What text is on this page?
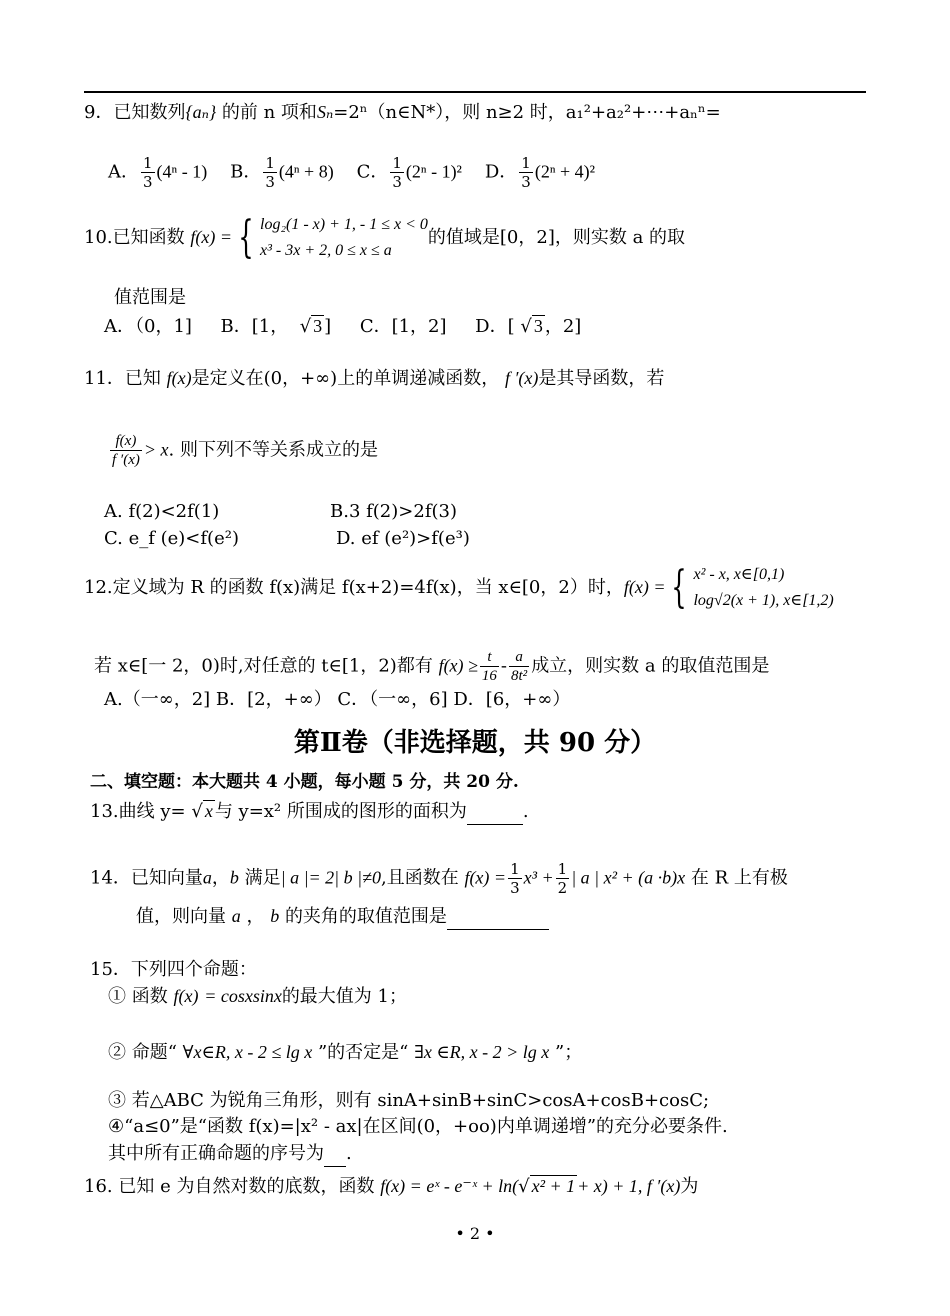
9．已知数列{aₙ} 的前 n 项和Sₙ=2ⁿ（n∈N*），则 n≥2 时，a₁²+a₂²+⋯+aₙⁿ=
A． $\frac{1}{3} (4^n - 1)$ B． $\frac{1}{3} (4^n + 8)$ C． $\frac{1}{3} (2^n - 1)^2$ D． $\frac{1}{3} (2^n + 4)^2$
10.已知函数 f(x) = { log₂(1 - x) + 1, - 1 ≤ x < 0
x³ - 3x + 2, 0 ≤ x ≤ a
的值域是[0，2]，则实数 a 的取
值范围是
A．（0，1] B．[1，  √ 3 ] C．[1，2] D．[ √ 3 ，2]
11．已知 f(x)是定义在(0，+∞)上的单调递减函数， f ′(x)是其导函数，若
$\frac{f(x)}{f '(x)} > x$. 则下列不等关系成立的是
A. f(2)<2f(1)	B.3 f(2)>2f(3)
C. e_f (e)<f(e²)	D. ef (e²)>f(e³)
12.定义域为 R 的函数 f(x)满足 f(x+2)=4f(x)，当 x∈[0，2）时，f(x) = { x² - x, x∈[0,1)
log√2(x + 1), x∈[1,2)
若 x∈[一 2，0)时,对任意的 t∈[1，2)都有 $f(x) \ge \frac{t}{16} - \frac{a}{\text{8t²}}$ 成立，则实数 a 的取值范围是
A.（一∞，2] B．[2，+∞） C．（一∞，6] D．[6，+∞）
第Ⅱ卷（非选择题，共 90 分）
二、填空题：本大题共 4 小题，每小题 5 分，共 20 分.
13.曲线 y= √ x 与 y=x² 所围成的图形的面积为	.
14．已知向量a，b 满足| a |= 2| b |≠0,且函数在 $f(x) = \frac{1}{3} x^3 + \frac{1}{2}$ | a | x² + (a ·b)x 在 R 上有极
值，则向量 a ， b 的夹角的取值范围是
15．下列四个命题：
① 函数 f(x) = cosxsinx的最大值为 1；
② 命题“ ∀x∈R, x - 2 ≤ lg x ”的否定是“ ∃x ∈R, x - 2 > lg x ”；
③ 若△ABC 为锐角三角形，则有 sinA+sinB+sinC>cosA+cosB+cosC;
④“a≤0”是“函数 f(x)=|x² - ax|在区间(0，+oo)内单调递增”的充分必要条件.
其中所有正确命题的序号为 .
16. 已知 e 为自然对数的底数，函数 f(x) = eˣ - e⁻ˣ + ln(√ x² + 1 + x) + 1, f ′(x)为
• 2 •
